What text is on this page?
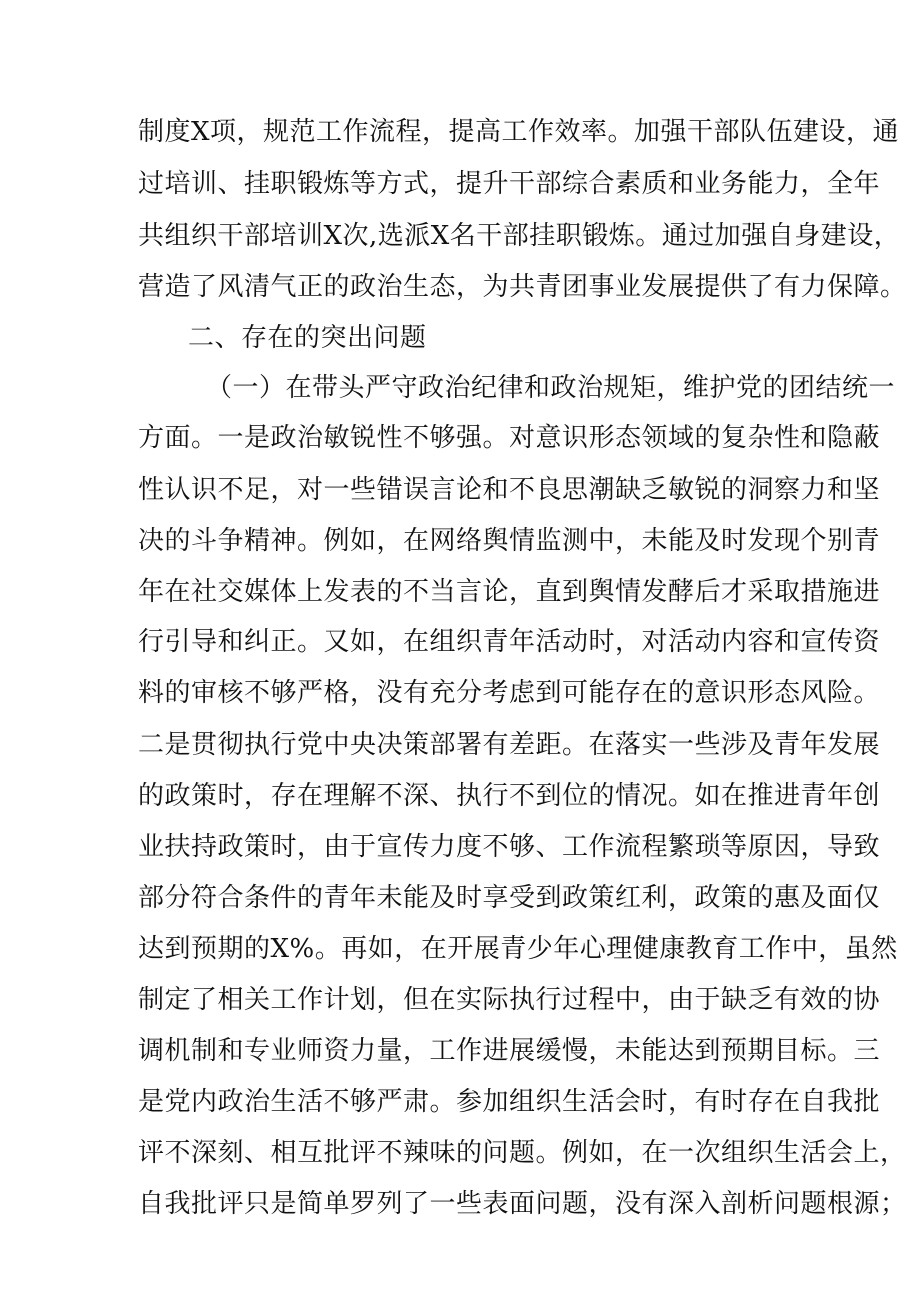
制度X项，规范工作流程，提高工作效率。加强干部队伍建设，通
过培训、挂职锻炼等方式，提升干部综合素质和业务能力，全年
共组织干部培训X次,选派X名干部挂职锻炼。通过加强自身建设，
营造了风清气正的政治生态，为共青团事业发展提供了有力保障。
二、存在的突出问题
（一）在带头严守政治纪律和政治规矩，维护党的团结统一
方面。一是政治敏锐性不够强。对意识形态领域的复杂性和隐蔽
性认识不足，对一些错误言论和不良思潮缺乏敏锐的洞察力和坚
决的斗争精神。例如，在网络舆情监测中，未能及时发现个别青
年在社交媒体上发表的不当言论，直到舆情发酵后才采取措施进
行引导和纠正。又如，在组织青年活动时，对活动内容和宣传资
料的审核不够严格，没有充分考虑到可能存在的意识形态风险。
二是贯彻执行党中央决策部署有差距。在落实一些涉及青年发展
的政策时，存在理解不深、执行不到位的情况。如在推进青年创
业扶持政策时，由于宣传力度不够、工作流程繁琐等原因，导致
部分符合条件的青年未能及时享受到政策红利，政策的惠及面仅
达到预期的X%。再如，在开展青少年心理健康教育工作中，虽然
制定了相关工作计划，但在实际执行过程中，由于缺乏有效的协
调机制和专业师资力量，工作进展缓慢，未能达到预期目标。三
是党内政治生活不够严肃。参加组织生活会时，有时存在自我批
评不深刻、相互批评不辣味的问题。例如，在一次组织生活会上，
自我批评只是简单罗列了一些表面问题，没有深入剖析问题根源；
